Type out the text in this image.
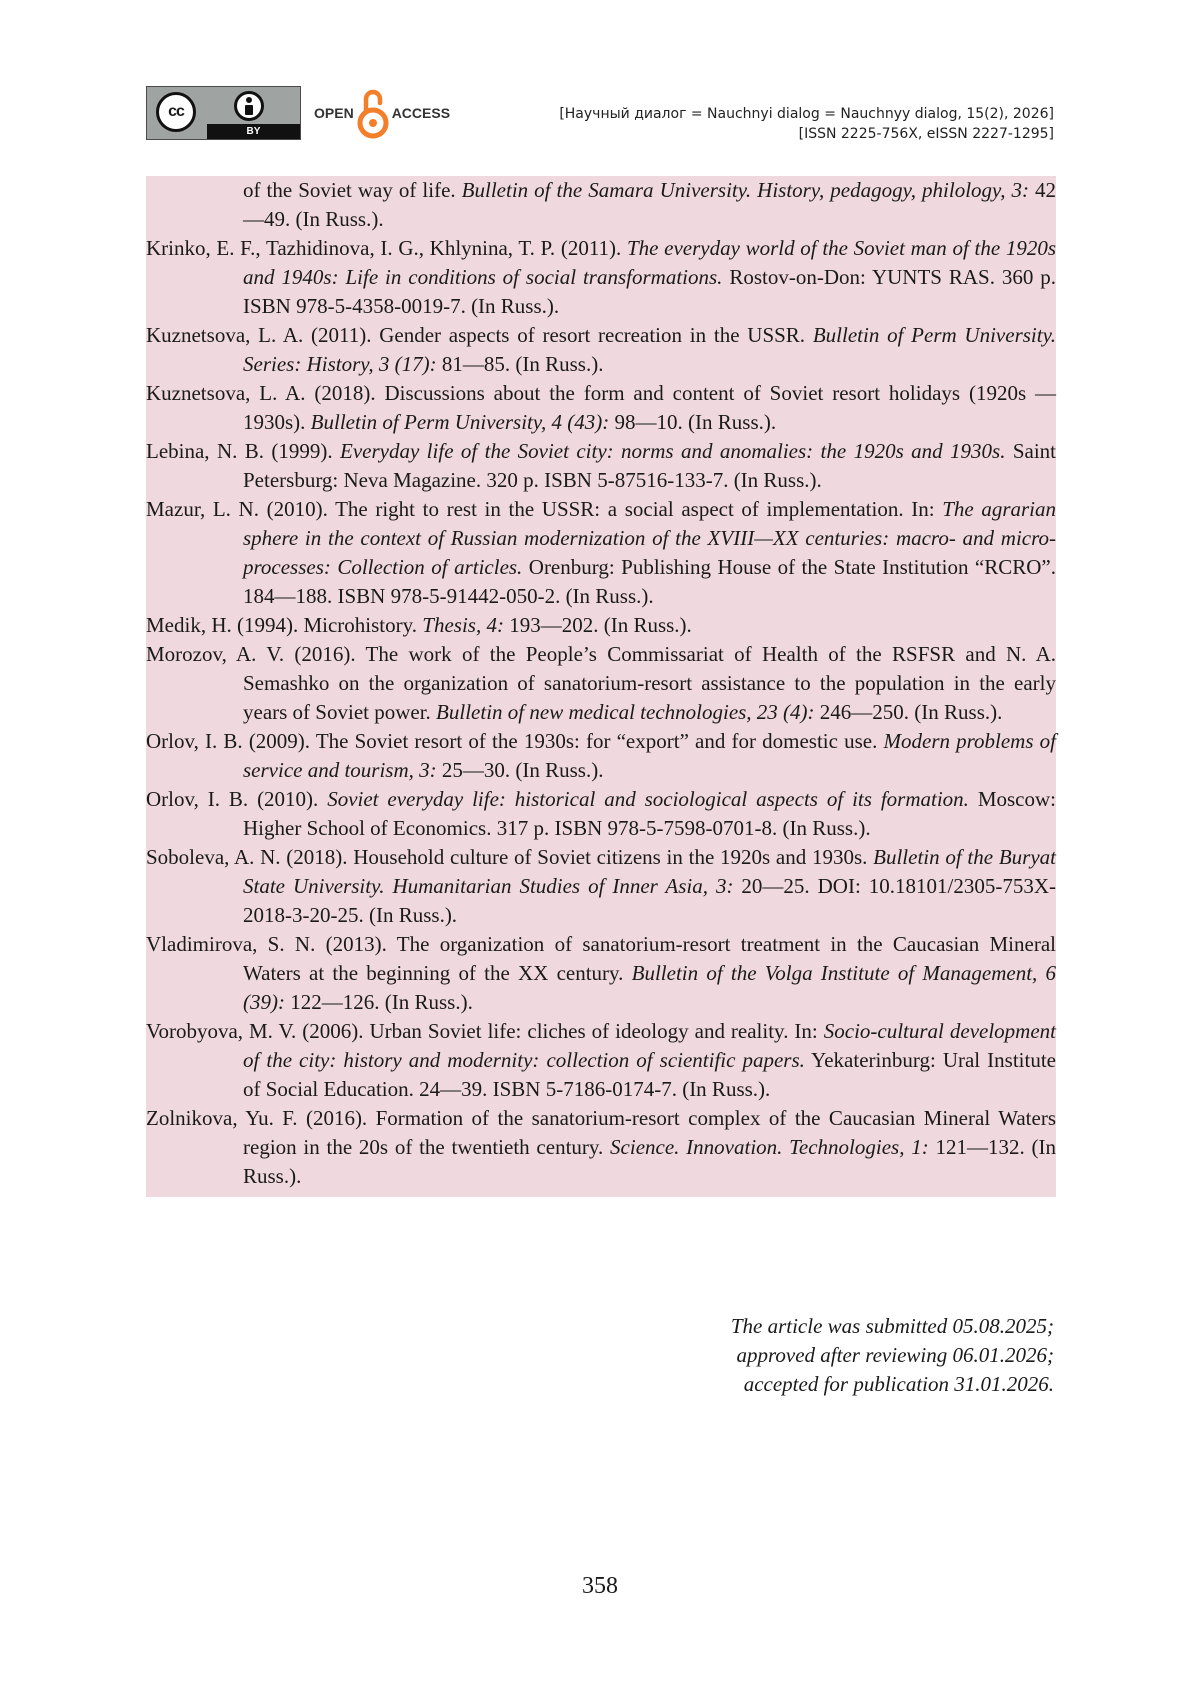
cc
BY
OPEN	ACCESS	[Научный диалог = Nauchnyi dialog = Nauchnyy dialog, 15(2), 2026]
[ISSN 2225-756X, eISSN 2227-1295]

of the Soviet way of life. Bulletin of the Samara University. History, pedagogy, philology, 3: 42—49. (In Russ.).

Krinko, E. F., Tazhidinova, I. G., Khlynina, T. P. (2011). The everyday world of the Soviet man of the 1920s and 1940s: Life in conditions of social transformations. Rostov-on-Don: YUNTS RAS. 360 p. ISBN 978-5-4358-0019-7. (In Russ.).

Kuznetsova, L. A. (2011). Gender aspects of resort recreation in the USSR. Bulletin of Perm University. Series: History, 3 (17): 81—85. (In Russ.).

Kuznetsova, L. A. (2018). Discussions about the form and content of Soviet resort holidays (1920s — 1930s). Bulletin of Perm University, 4 (43): 98—10. (In Russ.).

Lebina, N. B. (1999). Everyday life of the Soviet city: norms and anomalies: the 1920s and 1930s. Saint Petersburg: Neva Magazine. 320 p. ISBN 5-87516-133-7. (In Russ.).

Mazur, L. N. (2010). The right to rest in the USSR: a social aspect of implementation. In: The agrarian sphere in the context of Russian modernization of the XVIII—XX centuries: macro- and micro-processes: Collection of articles. Orenburg: Publishing House of the State Institution “RCRO”. 184—188. ISBN 978-5-91442-050-2. (In Russ.).

Medik, H. (1994). Microhistory. Thesis, 4: 193—202. (In Russ.).

Morozov, A. V. (2016). The work of the People’s Commissariat of Health of the RSFSR and N. A. Semashko on the organization of sanatorium-resort assistance to the population in the early years of Soviet power. Bulletin of new medical technologies, 23 (4): 246—250. (In Russ.).

Orlov, I. B. (2009). The Soviet resort of the 1930s: for “export” and for domestic use. Modern problems of service and tourism, 3: 25—30. (In Russ.).

Orlov, I. B. (2010). Soviet everyday life: historical and sociological aspects of its formation. Moscow: Higher School of Economics. 317 p. ISBN 978-5-7598-0701-8. (In Russ.).

Soboleva, A. N. (2018). Household culture of Soviet citizens in the 1920s and 1930s. Bulletin of the Buryat State University. Humanitarian Studies of Inner Asia, 3: 20—25. DOI: 10.18101/2305-753X-2018-3-20-25. (In Russ.).

Vladimirova, S. N. (2013). The organization of sanatorium-resort treatment in the Caucasian Mineral Waters at the beginning of the XX century. Bulletin of the Volga Institute of Management, 6 (39): 122—126. (In Russ.).

Vorobyova, M. V. (2006). Urban Soviet life: cliches of ideology and reality. In: Socio-cultural development of the city: history and modernity: collection of scientific papers. Yekaterinburg: Ural Institute of Social Education. 24—39. ISBN 5-7186-0174-7. (In Russ.).

Zolnikova, Yu. F. (2016). Formation of the sanatorium-resort complex of the Caucasian Mineral Waters region in the 20s of the twentieth century. Science. Innovation. Technologies, 1: 121—132. (In Russ.).

The article was submitted 05.08.2025;
approved after reviewing 06.01.2026;
accepted for publication 31.01.2026.
358
